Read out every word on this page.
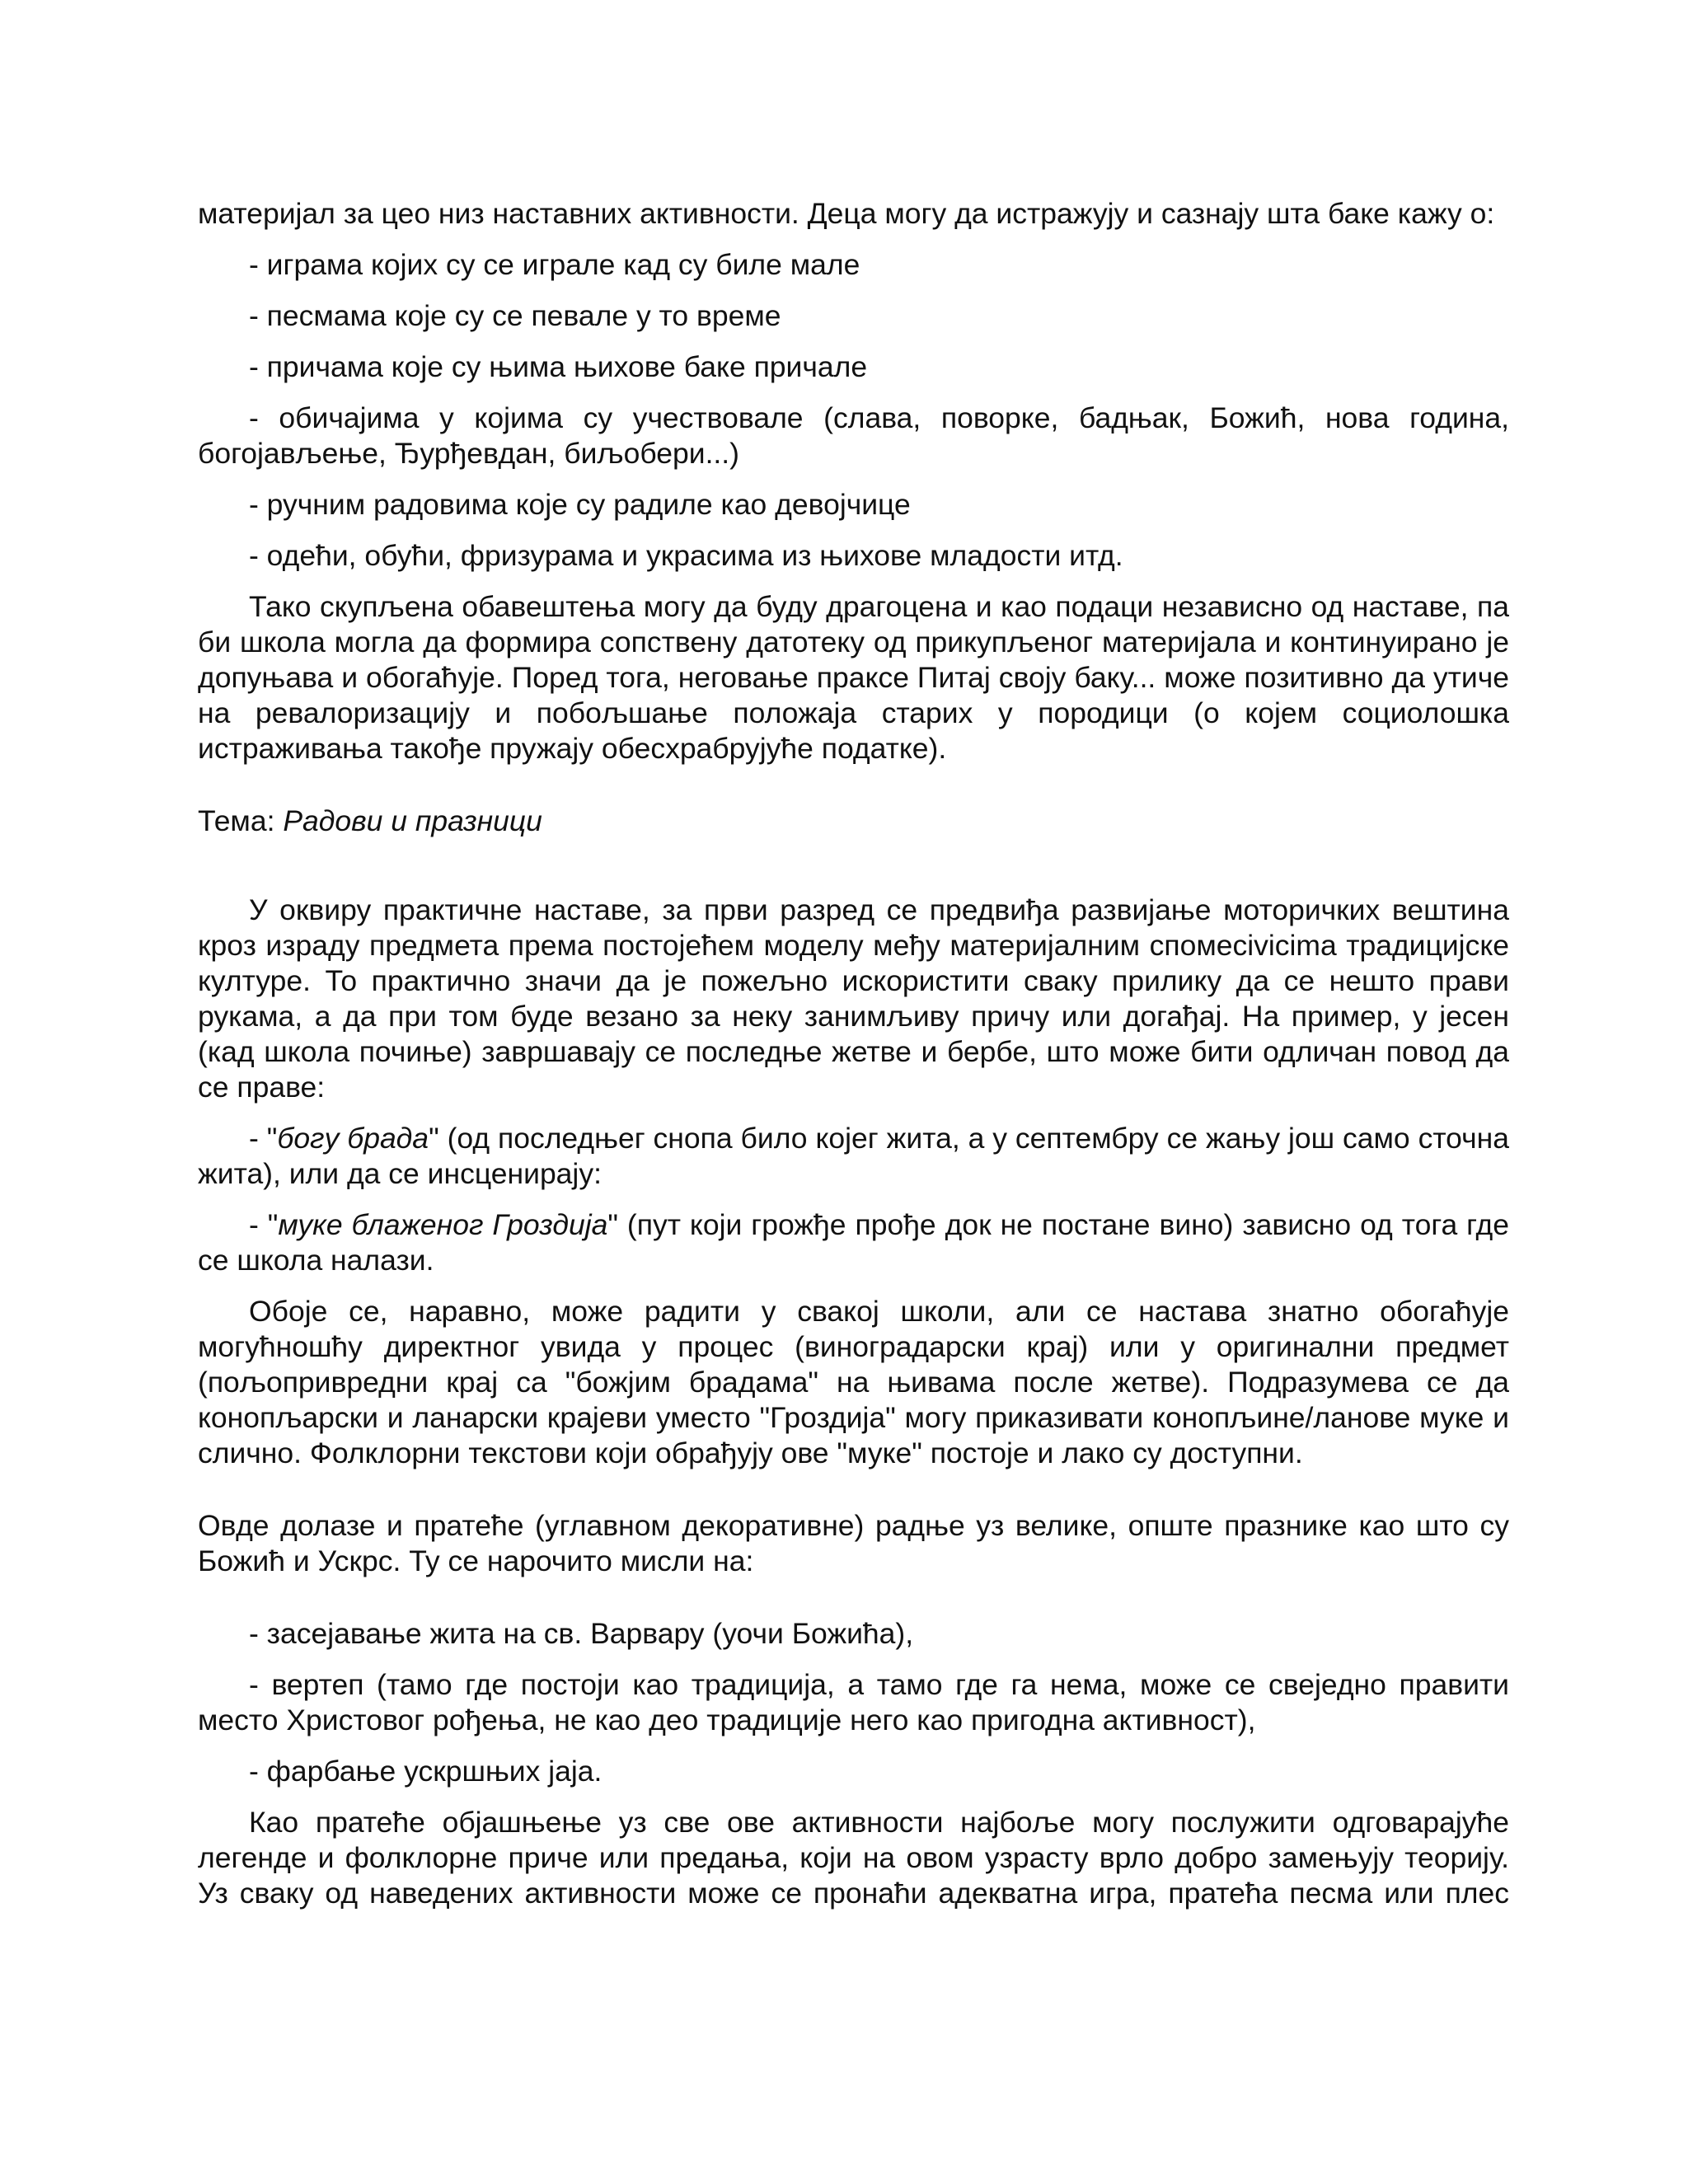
материјал за цео низ наставних активности. Деца могу да истражују и сазнају шта баке кажу о:

- играма којих су се играле кад су биле мале

- песмама које су се певале у то време

- причама које су њима њихове баке причале

- обичајима у којима су учествовале (слава, поворке, бадњак, Божић, нова година, богојављење, Ђурђевдан, биљобери...)

- ручним радовима које су радиле као девојчице

- одећи, обући, фризурама и украсима из њихове младости итд.

Тако скупљена обавештења могу да буду драгоцена и као подаци независно од наставе, па би школа могла да формира сопствену датотеку од прикупљеног материјала и континуирано је допуњава и обогаћује. Поред тога, неговање праксе Питај своју баку... може позитивно да утиче на ревалоризацију и побољшање положаја старих у породици (о којем социолошка истраживања такође пружају обесхрабрујуће податке).

Тема: Радови и празници

У оквиру практичне наставе, за први разред се предвиђа развијање моторичких вештина кроз израду предмета према постојећем моделу међу материјалним спомеcivicima традицијске културе. То практично значи да је пожељно искористити сваку прилику да се нешто прави рукама, а да при том буде везано за неку занимљиву причу или догађај. На пример, у јесен (кад школа почиње) завршавају се последње жетве и бербе, што може бити одличан повод да се праве:

- "богу брада" (од последњег снопа било којег жита, а у септембру се жању још само сточна жита), или да се инсценирају:

- "муке блаженог Гроздија" (пут који грожђе прође док не постане вино) зависно од тога где се школа налази.

Обоје се, наравно, може радити у свакој школи, али се настава знатно обогаћује могућношћу директног увида у процес (виноградарски крај) или у оригинални предмет (пољопривредни крај са "божјим брадама" на њивама после жетве). Подразумева се да конопљарски и ланарски крајеви уместо "Гроздија" могу приказивати конопљине/ланове муке и слично. Фолклорни текстови који обрађују ове "муке" постоје и лако су доступни.

Овде долазе и пратеће (углавном декоративне) радње уз велике, опште празнике као што су Божић и Ускрс. Ту се нарочито мисли на:

- засејавање жита на св. Варвару (уочи Божића),

- вертеп (тамо где постоји као традиција, а тамо где га нема, може се свеједно правити место Христовог рођења, не као део традиције него као пригодна активност),

- фарбање ускршњих јаја.

Као пратеће објашњење уз све ове активности најбоље могу послужити одговарајуће легенде и фолклорне приче или предања, који на овом узрасту врло добро замењују теорију. Уз сваку од наведених активности може се пронаћи адекватна игра, пратећа песма или плес
